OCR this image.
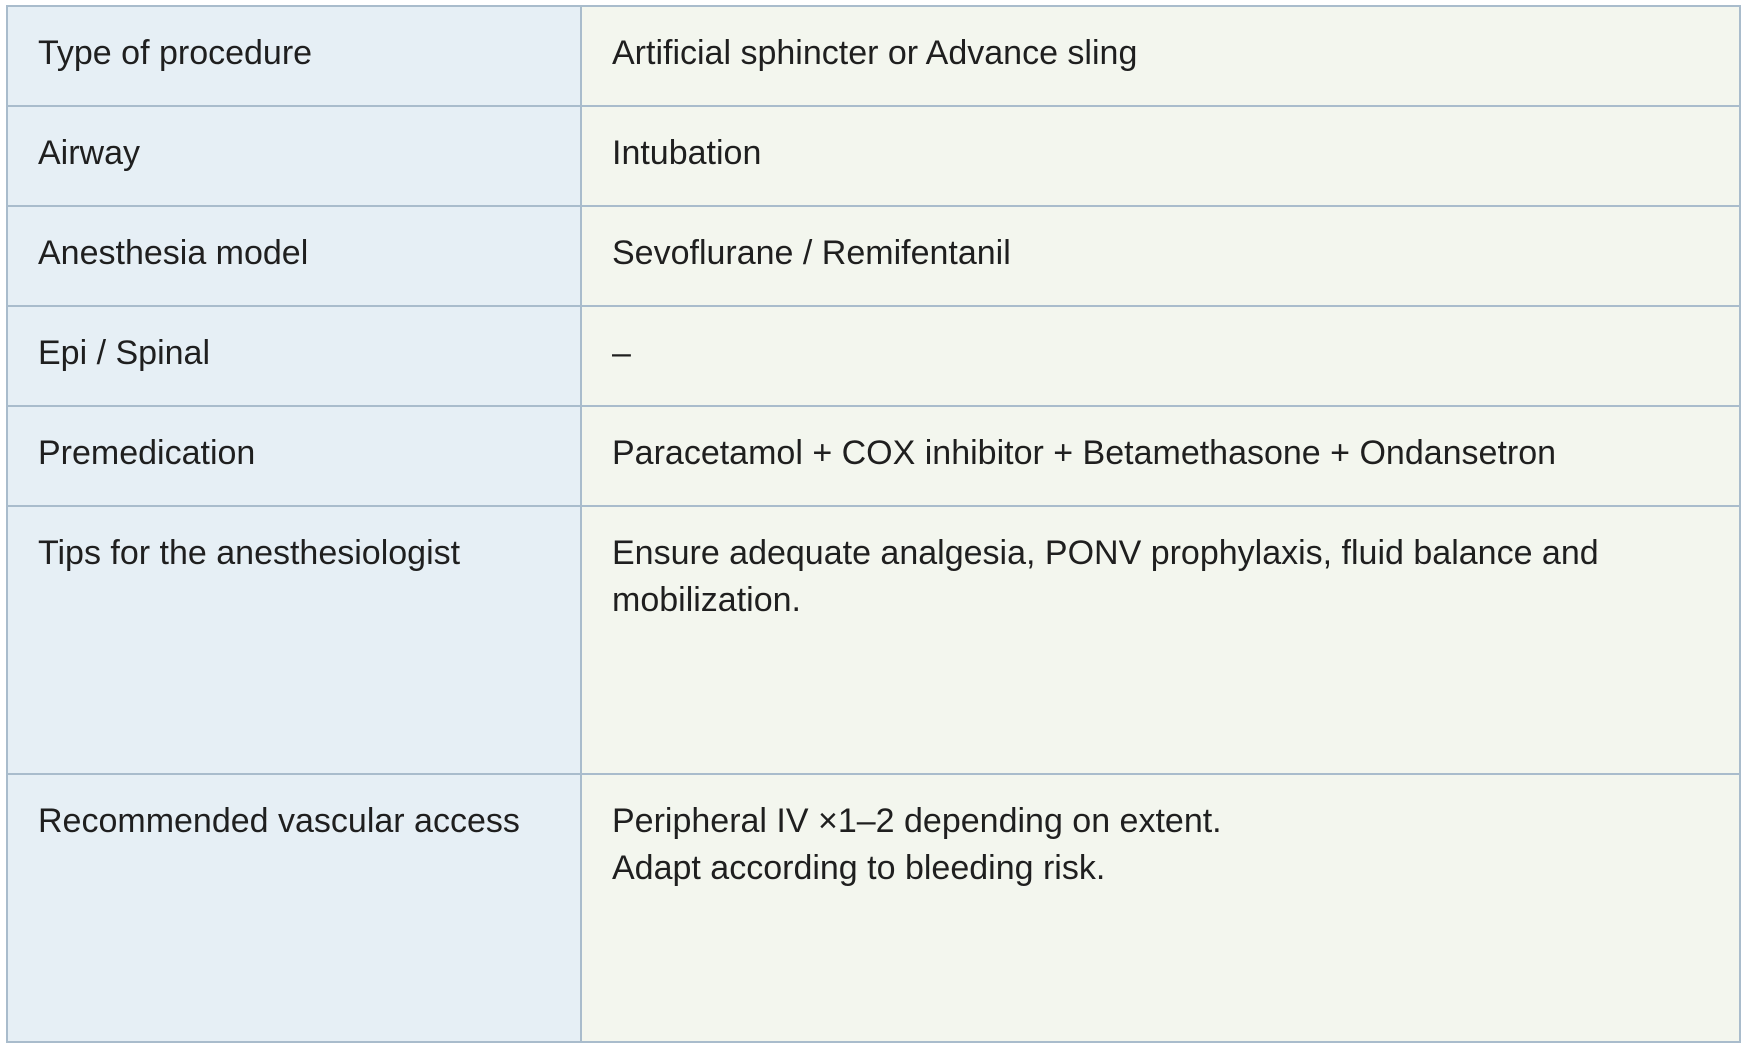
Type of procedure	Artificial sphincter or Advance sling

Airway	Intubation

Anesthesia model	Sevoflurane / Remifentanil

Epi / Spinal	–

Premedication	Paracetamol + COX inhibitor + Betamethasone + Ondansetron

Tips for the anesthesiologist	Ensure adequate analgesia, PONV prophylaxis, fluid balance and mobilization.

Recommended vascular access	Peripheral IV ×1–2 depending on extent.
Adapt according to bleeding risk.
